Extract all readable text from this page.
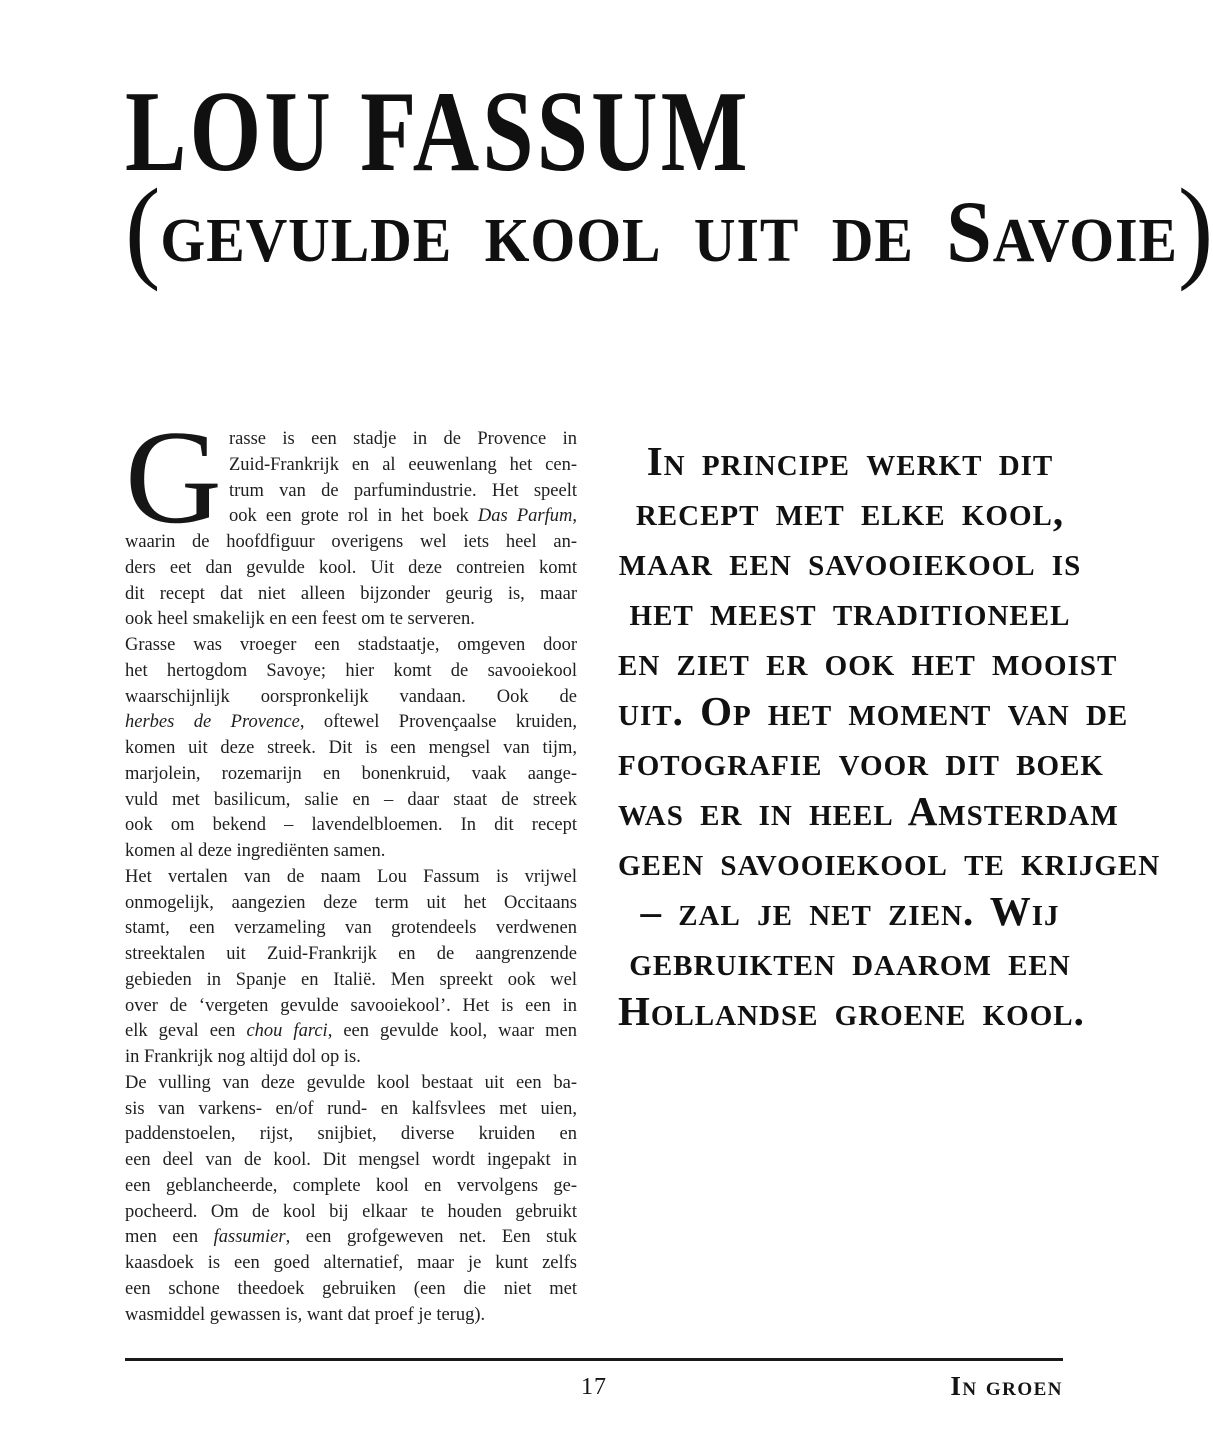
LOU FASSUM
(gevulde kool uit de Savoie)
G rasse is een stadje in de Provence in
Zuid-Frankrijk en al eeuwenlang het cen-
trum van de parfumindustrie. Het speelt
ook een grote rol in het boek Das Parfum,
waarin de hoofdfiguur overigens wel iets heel an-
ders eet dan gevulde kool. Uit deze contreien komt
dit recept dat niet alleen bijzonder geurig is, maar
ook heel smakelijk en een feest om te serveren.
Grasse was vroeger een stadstaatje, omgeven door
het hertogdom Savoye; hier komt de savooiekool
waarschijnlijk oorspronkelijk vandaan. Ook de
herbes de Provence, oftewel Provençaalse kruiden,
komen uit deze streek. Dit is een mengsel van tijm,
marjolein, rozemarijn en bonenkruid, vaak aange-
vuld met basilicum, salie en – daar staat de streek
ook om bekend – lavendelbloemen. In dit recept
komen al deze ingrediënten samen.
Het vertalen van de naam Lou Fassum is vrijwel
onmogelijk, aangezien deze term uit het Occitaans
stamt, een verzameling van grotendeels verdwenen
streektalen uit Zuid-Frankrijk en de aangrenzende
gebieden in Spanje en Italië. Men spreekt ook wel
over de ‘vergeten gevulde savooiekool’. Het is een in
elk geval een chou farci, een gevulde kool, waar men
in Frankrijk nog altijd dol op is.
De vulling van deze gevulde kool bestaat uit een ba-
sis van varkens- en/of rund- en kalfsvlees met uien,
paddenstoelen, rijst, snijbiet, diverse kruiden en
een deel van de kool. Dit mengsel wordt ingepakt in
een geblancheerde, complete kool en vervolgens ge-
pocheerd. Om de kool bij elkaar te houden gebruikt
men een fassumier, een grofgeweven net. Een stuk
kaasdoek is een goed alternatief, maar je kunt zelfs
een schone theedoek gebruiken (een die niet met
wasmiddel gewassen is, want dat proef je terug).
In principe werkt dit
recept met elke kool,
maar een savooiekool is
het meest traditioneel
en ziet er ook het mooist
uit. Op het moment van de
fotografie voor dit boek
was er in heel Amsterdam
geen savooiekool te krijgen
– zal je net zien. Wij
gebruikten daarom een
Hollandse groene kool.
17	In groen
